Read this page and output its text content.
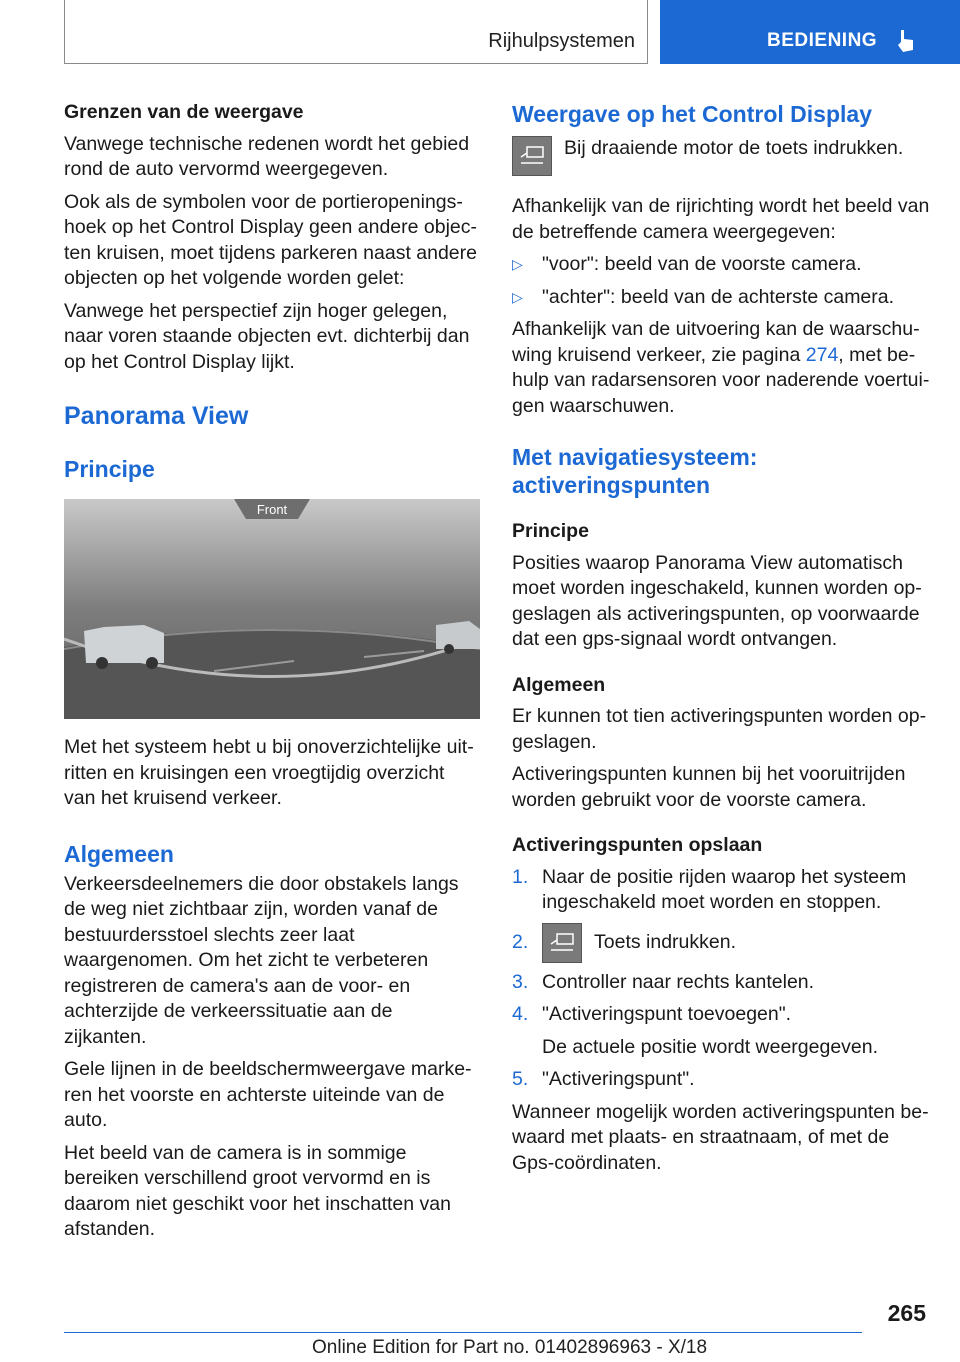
Rijhulpsystemen	BEDIENING
Grenzen van de weergave

Vanwege technische redenen wordt het gebied rond de auto vervormd weergegeven.

Ook als de symbolen voor de portieropeningshoek op het Control Display geen andere objecten kruisen, moet tijdens parkeren naast andere objecten op het volgende worden gelet:

Vanwege het perspectief zijn hoger gelegen, naar voren staande objecten evt. dichterbij dan op het Control Display lijkt.

Panorama View
Principe
Front

Met het systeem hebt u bij onoverzichtelijke uitritten en kruisingen een vroegtijdig overzicht van het kruisend verkeer.

Algemeen

Verkeersdeelnemers die door obstakels langs de weg niet zichtbaar zijn, worden vanaf de bestuurdersstoel slechts zeer laat waargenomen. Om het zicht te verbeteren registreren de camera's aan de voor- en achterzijde de verkeerssituatie aan de zijkanten.

Gele lijnen in de beeldschermweergave markeren het voorste en achterste uiteinde van de auto.

Het beeld van de camera is in sommige bereiken verschillend groot vervormd en is daarom niet geschikt voor het inschatten van afstanden.

Weergave op het Control Display
Bij draaiende motor de toets indrukken.

Afhankelijk van de rijrichting wordt het beeld van de betreffende camera weergegeven:

▷ "voor": beeld van de voorste camera.
▷ "achter": beeld van de achterste camera.

Afhankelijk van de uitvoering kan de waarschuwing kruisend verkeer, zie pagina 274, met behulp van radarsensoren voor naderende voertuigen waarschuwen.

Met navigatiesysteem: activeringspunten
Principe

Posities waarop Panorama View automatisch moet worden ingeschakeld, kunnen worden opgeslagen als activeringspunten, op voorwaarde dat een gps-signaal wordt ontvangen.

Algemeen

Er kunnen tot tien activeringspunten worden opgeslagen.

Activeringspunten kunnen bij het vooruitrijden worden gebruikt voor de voorste camera.

Activeringspunten opslaan
1. Naar de positie rijden waarop het systeem ingeschakeld moet worden en stoppen.
2.	Toets indrukken.
3. Controller naar rechts kantelen.
4. "Activeringspunt toevoegen".
De actuele positie wordt weergegeven.
5. "Activeringspunt".

Wanneer mogelijk worden activeringspunten bewaard met plaats- en straatnaam, of met de Gps-coördinaten.

265
Online Edition for Part no. 01402896963 - X/18
